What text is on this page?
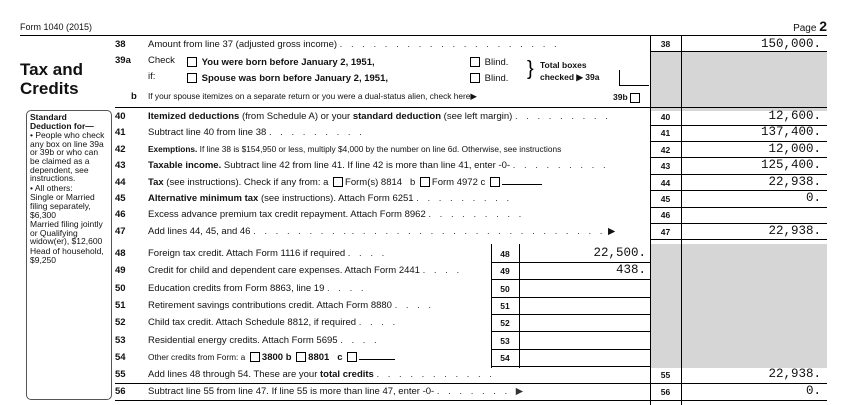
Form 1040 (2015)	Page 2
Tax and Credits
Standard Deduction for—
• People who check any box on line 39a or 39b or who can be claimed as a dependent, see instructions.
• All others:
Single or Married filing separately, $6,300
Married filing jointly or Qualifying widow(er), $12,600
Head of household, $9,250
38	Amount from line 37 (adjusted gross income) . . . . . . . . . . . . . . . . . . . .	38	150,000.
39a	Check
if:
You were born before January 2, 1951,
Spouse was born before January 2, 1951,
Blind.
Blind. } Total boxes
checked ▶ 39a
b	If your spouse itemizes on a separate return or you were a dual-status alien, check here▶	39b
40	Itemized deductions (from Schedule A) or your standard deduction (see left margin) . . . . . . . . .	40	12,600.
41	Subtract line 40 from line 38 . . . . . . . . .	41	137,400.
42	Exemptions. If line 38 is $154,950 or less, multiply $4,000 by the number on line 6d. Otherwise, see instructions	42	12,000.
43	Taxable income. Subtract line 42 from line 41. If line 42 is more than line 41, enter -0- . . . . . . . . .	43	125,400.
44	Tax (see instructions). Check if any from: a Form(s) 8814 b Form 4972 c	44	22,938.
45	Alternative minimum tax (see instructions). Attach Form 6251 . . . . . . . . .	45	0.
46	Excess advance premium tax credit repayment. Attach Form 8962 . . . . . . . . .	46
47	Add lines 44, 45, and 46 . . . . . . . . . . . . . . . . . . . . . . . . . . . . . . . . ▶	47	22,938.
48	Foreign tax credit. Attach Form 1116 if required . . . .	48	22,500.
49	Credit for child and dependent care expenses. Attach Form 2441 . . . .	49	438.
50	Education credits from Form 8863, line 19 . . . .	50
51	Retirement savings contributions credit. Attach Form 8880 . . . .	51
52	Child tax credit. Attach Schedule 8812, if required . . . .	52
53	Residential energy credits. Attach Form 5695 . . . .	53
54	Other credits from Form: a 3800 b 8801 c	54
55	Add lines 48 through 54. These are your total credits . . . . . . . . . . .	55	22,938.
56	Subtract line 55 from line 47. If line 55 is more than line 47, enter -0- . . . . . . . ▶	56	0.
